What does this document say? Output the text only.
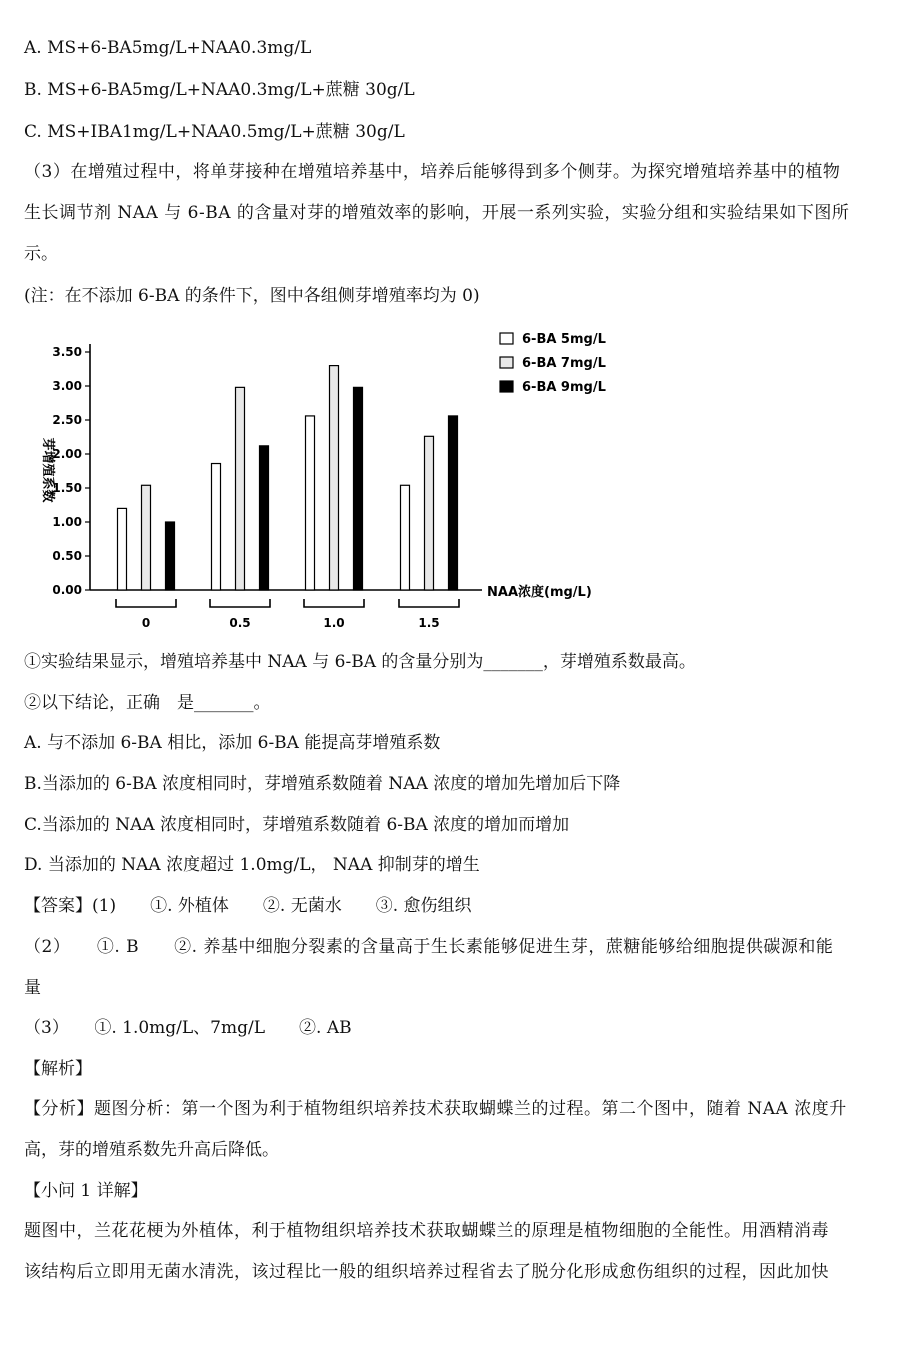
A. MS+6-BA5mg/L+NAA0.3mg/L
B. MS+6-BA5mg/L+NAA0.3mg/L+蔗糖 30g/L
C. MS+IBA1mg/L+NAA0.5mg/L+蔗糖 30g/L
（3）在增殖过程中，将单芽接种在增殖培养基中，培养后能够得到多个侧芽。为探究增殖培养基中的植物
生长调节剂 NAA 与 6-BA 的含量对芽的增殖效率的影响，开展一系列实验，实验分组和实验结果如下图所
示。
(注：在不添加 6-BA 的条件下，图中各组侧芽增殖率均为 0)
6-BA 5mg/L
6-BA 7mg/L
6-BA 9mg/L
0.00
0.50
1.00
1.50
2.00
2.50
3.00
3.50
0	0.5	1.0	1.5
芽增殖系数
NAA浓度(mg/L)
①实验结果显示，增殖培养基中 NAA 与 6-BA 的含量分别为_______，芽增殖系数最高。
②以下结论，正确　是_______。
A. 与不添加 6-BA 相比，添加 6-BA 能提高芽增殖系数
B.当添加的 6-BA 浓度相同时，芽增殖系数随着 NAA 浓度的增加先增加后下降
C.当添加的 NAA 浓度相同时，芽增殖系数随着 6-BA 浓度的增加而增加
D. 当添加的 NAA 浓度超过 1.0mg/L， NAA 抑制芽的增生
【答案】(1)　　①. 外植体　　②. 无菌水　　③. 愈伤组织
（2）　　①. B　　②. 养基中细胞分裂素的含量高于生长素能够促进生芽，蔗糖能够给细胞提供碳源和能
量
（3）　　①. 1.0mg/L、7mg/L　　②. AB
【解析】
【分析】题图分析：第一个图为利于植物组织培养技术获取蝴蝶兰的过程。第二个图中，随着 NAA 浓度升
高，芽的增殖系数先升高后降低。
【小问 1 详解】
题图中，兰花花梗为外植体，利于植物组织培养技术获取蝴蝶兰的原理是植物细胞的全能性。用酒精消毒
该结构后立即用无菌水清洗，该过程比一般的组织培养过程省去了脱分化形成愈伤组织的过程，因此加快
